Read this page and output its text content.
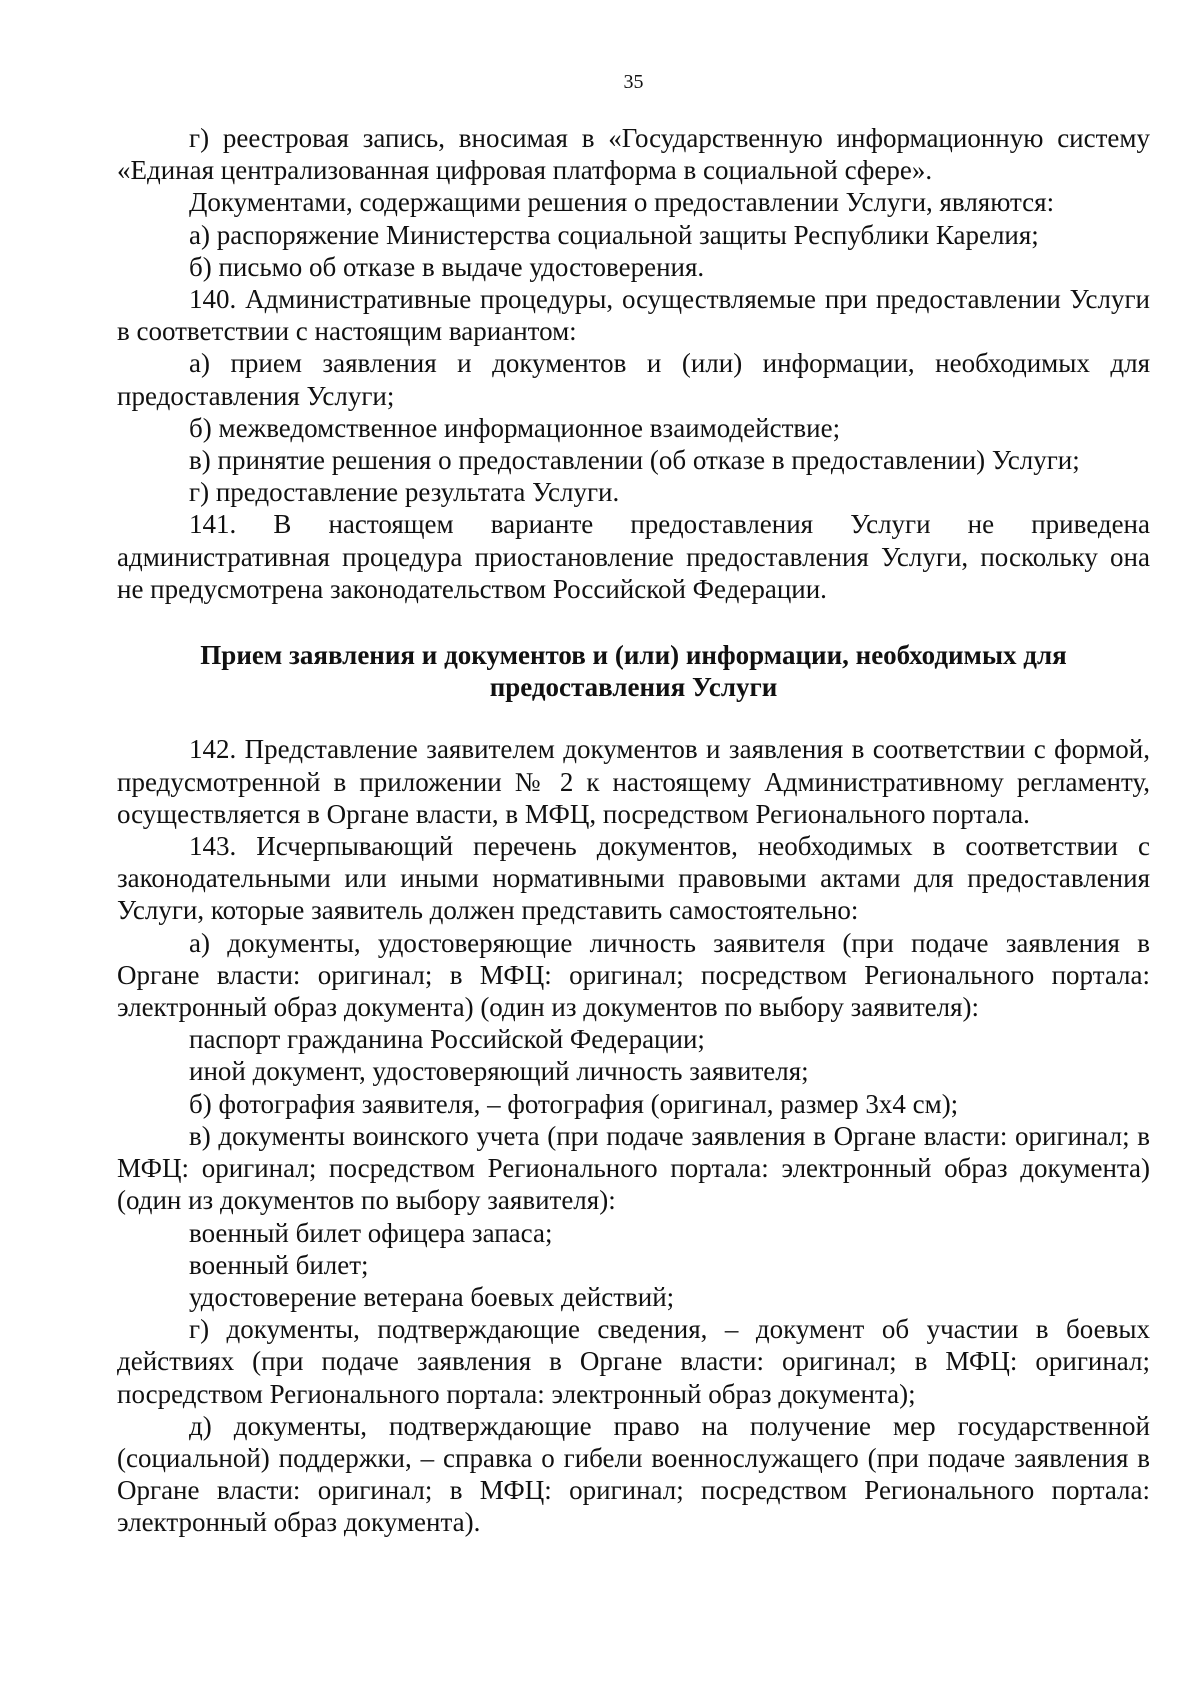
35

г) реестровая запись, вносимая в «Государственную информационную систему «Единая централизованная цифровая платформа в социальной сфере».

Документами, содержащими решения о предоставлении Услуги, являются:

а) распоряжение Министерства социальной защиты Республики Карелия;

б) письмо об отказе в выдаче удостоверения.

140. Административные процедуры, осуществляемые при предоставлении Услуги в соответствии с настоящим вариантом:

а) прием заявления и документов и (или) информации, необходимых для предоставления Услуги;

б) межведомственное информационное взаимодействие;

в) принятие решения о предоставлении (об отказе в предоставлении) Услуги;

г) предоставление результата Услуги.

141. В настоящем варианте предоставления Услуги не приведена административная процедура приостановление предоставления Услуги, поскольку она не предусмотрена законодательством Российской Федерации.

Прием заявления и документов и (или) информации, необходимых для
предоставления Услуги

142. Представление заявителем документов и заявления в соответствии с формой, предусмотренной в приложении № 2 к настоящему Административному регламенту, осуществляется в Органе власти, в МФЦ, посредством Регионального портала.

143. Исчерпывающий перечень документов, необходимых в соответствии с законодательными или иными нормативными правовыми актами для предоставления Услуги, которые заявитель должен представить самостоятельно:

а) документы, удостоверяющие личность заявителя (при подаче заявления в Органе власти: оригинал; в МФЦ: оригинал; посредством Регионального портала: электронный образ документа) (один из документов по выбору заявителя):

паспорт гражданина Российской Федерации;

иной документ, удостоверяющий личность заявителя;

б) фотография заявителя, – фотография (оригинал, размер 3х4 см);

в) документы воинского учета (при подаче заявления в Органе власти: оригинал; в МФЦ: оригинал; посредством Регионального портала: электронный образ документа) (один из документов по выбору заявителя):

военный билет офицера запаса;

военный билет;

удостоверение ветерана боевых действий;

г) документы, подтверждающие сведения, – документ об участии в боевых действиях (при подаче заявления в Органе власти: оригинал; в МФЦ: оригинал; посредством Регионального портала: электронный образ документа);

д) документы, подтверждающие право на получение мер государственной (социальной) поддержки, – справка о гибели военнослужащего (при подаче заявления в Органе власти: оригинал; в МФЦ: оригинал; посредством Регионального портала: электронный образ документа).
